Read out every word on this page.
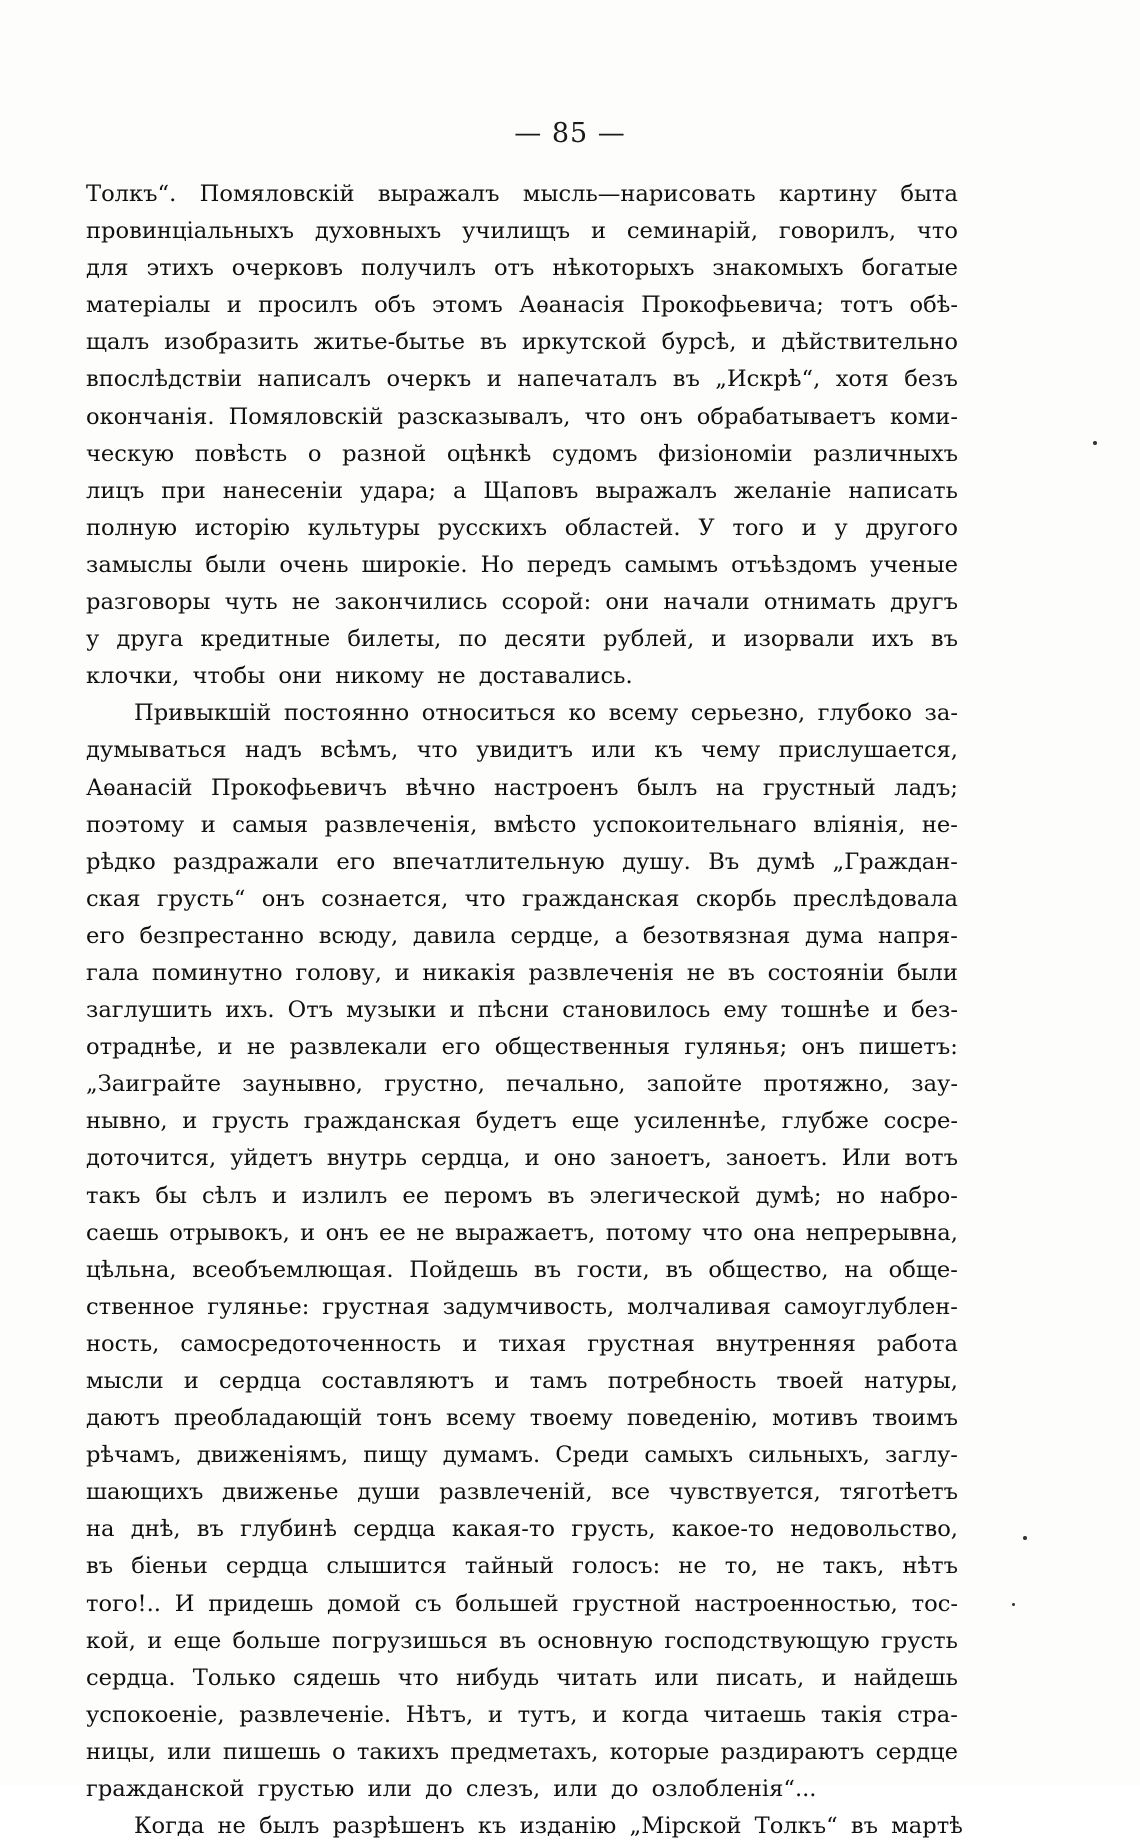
— 85 —
Толкъ“. Помяловскій выражалъ мысль—нарисовать картину быта
провинціальныхъ духовныхъ училищъ и семинарій, говорилъ, что
для этихъ очерковъ получилъ отъ нѣкоторыхъ знакомыхъ богатые
матеріалы и просилъ объ этомъ Аѳанасія Прокофьевича; тотъ обѣ-
щалъ изобразить житье-бытье въ иркутской бурсѣ, и дѣйствительно
впослѣдствіи написалъ очеркъ и напечаталъ въ „Искрѣ“, хотя безъ
окончанія. Помяловскій разсказывалъ, что онъ обрабатываетъ коми-
ческую повѣсть о разной оцѣнкѣ судомъ физіономіи различныхъ
лицъ при нанесеніи удара; а Щаповъ выражалъ желаніе написать
полную исторію культуры русскихъ областей. У того и у другого
замыслы были очень широкіе. Но передъ самымъ отъѣздомъ ученые
разговоры чуть не закончились ссорой: они начали отнимать другъ
у друга кредитные билеты, по десяти рублей, и изорвали ихъ въ
клочки, чтобы они никому не доставались.
Привыкшій постоянно относиться ко всему серьезно, глубоко за-
думываться надъ всѣмъ, что увидитъ или къ чему прислушается,
Аѳанасій Прокофьевичъ вѣчно настроенъ былъ на грустный ладъ;
поэтому и самыя развлеченія, вмѣсто успокоительнаго вліянія, не-
рѣдко раздражали его впечатлительную душу. Въ думѣ „Граждан-
ская грусть“ онъ сознается, что гражданская скорбь преслѣдовала
его безпрестанно всюду, давила сердце, а безотвязная дума напря-
гала поминутно голову, и никакія развлеченія не въ состояніи были
заглушить ихъ. Отъ музыки и пѣсни становилось ему тошнѣе и без-
отраднѣе, и не развлекали его общественныя гулянья; онъ пишетъ:
„Заиграйте заунывно, грустно, печально, запойте протяжно, зау-
нывно, и грусть гражданская будетъ еще усиленнѣе, глубже сосре-
доточится, уйдетъ внутрь сердца, и оно заноетъ, заноетъ. Или вотъ
такъ бы сѣлъ и излилъ ее перомъ въ элегической думѣ; но набро-
саешь отрывокъ, и онъ ее не выражаетъ, потому что она непрерывна,
цѣльна, всеобъемлющая. Пойдешь въ гости, въ общество, на обще-
ственное гулянье: грустная задумчивость, молчаливая самоуглублен-
ность, самосредоточенность и тихая грустная внутренняя работа
мысли и сердца составляютъ и тамъ потребность твоей натуры,
даютъ преобладающій тонъ всему твоему поведенію, мотивъ твоимъ
рѣчамъ, движеніямъ, пищу думамъ. Среди самыхъ сильныхъ, заглу-
шающихъ движенье души развлеченій, все чувствуется, тяготѣетъ
на днѣ, въ глубинѣ сердца какая-то грусть, какое-то недовольство,
въ біеньи сердца слышится тайный голосъ: не то, не такъ, нѣтъ
того!.. И придешь домой съ большей грустной настроенностью, тос-
кой, и еще больше погрузишься въ основную господствующую грусть
сердца. Только сядешь что нибудь читать или писать, и найдешь
успокоеніе, развлеченіе. Нѣтъ, и тутъ, и когда читаешь такія стра-
ницы, или пишешь о такихъ предметахъ, которые раздираютъ сердце
гражданской грустью или до слезъ, или до озлобленія“...
Когда не былъ разрѣшенъ къ изданію „Мірской Толкъ“ въ мартѣ
